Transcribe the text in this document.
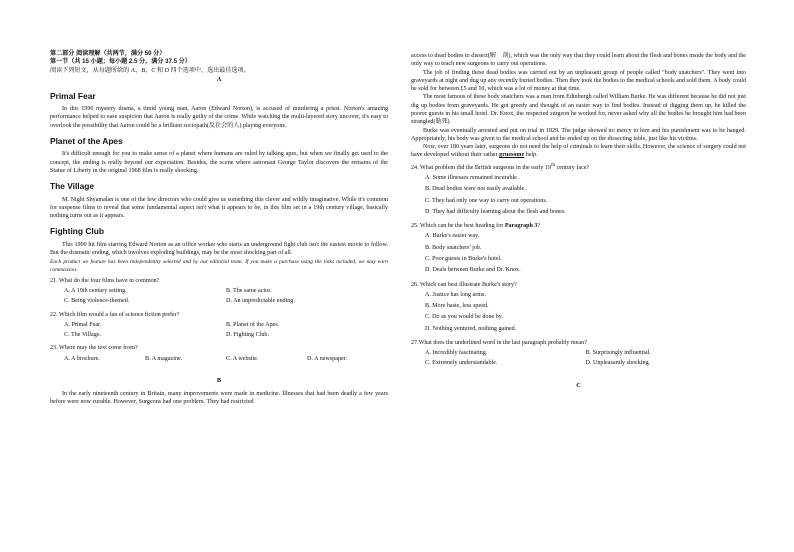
第二部分 阅读理解（共两节，满分 50 分）

第一节（共 15 小题；每小题 2.5 分，满分 37.5 分）

阅读下列短文，从每题所给的 A、B、C 和 D 四个选项中，选出最佳选项。

A

Primal Fear

In this 1996 mystery drama, a timid young man, Aaron (Edward Norton), is accused of murdering a priest. Norton's amazing performance helped to ease suspicion that Aaron is really guilty of the crime. While watching the multi-layered story uncover, it's easy to overlook the possibility that Aaron could be a brilliant sociopath(反社会的人) playing everyone.

Planet of the Apes

It's difficult enough for you to make sense of a planet where humans are ruled by talking apes, but when we finally get used to the concept, the ending is really beyond our expectation. Besides, the scene where astronaut George Taylor discovers the remains of the Statue of Liberty in the original 1968 film is really shocking.

The Village

M. Night Shyamalan is one of the few directors who could give us something this clever and wildly imaginative. While it's common for suspense films to reveal that some fundamental aspect isn't what it appears to be, in this film set in a 19th century village, basically nothing turns out as it appears.

Fighting Club

This 1999 hit film starring Edward Norton as an office worker who starts an underground fight club isn't the easiest movie to follow. But the dramatic ending, which involves exploding buildings, may be the most shocking part of all.

Each product we feature has been independently selected and by our editorial team. If you make a purchase using the links included, we may earn commission.

21. What do the four films have in common?

A. A 19th century setting.	B. The same actor.
C. Being violence-themed.	D. An unpredictable ending.

22. Which film would a fan of science fiction prefer?

A. Primal Fear.	B. Planet of the Apes.
C. The Village.	D. Fighting Club.

23. Where may the text come from?

A. A brochure.	B. A magazine.	C. A website.	D. A newspaper.

B

In the early nineteenth century in Britain, many improvements were made in medicine. Illnesses that had been deadly a few years before were now curable. However, Surgeons had one problem. They had restricted

access to dead bodies to dissect(解　剖), which was the only way that they could learn about the flesh and bones inside the body and the only way to teach new surgeons to carry out operations.

The job of finding these dead bodies was carried out by an unpleasant group of people called "body snatchers". They went into graveyards at night and dug up any recently buried bodies. Then they took the bodies to the medical schools and sold them. A body could be sold for between £5 and 10, which was a lot of money at that time.

The most famous of these body snatchers was a man from Edinburgh called William Burke. He was different because he did not just dig up bodies from graveyards. He got greedy and thought of an easier way to find bodies. Instead of digging them up, he killed the poorer guests in his small hotel. Dr. Knox, the respected surgeon he worked for, never asked why all the bodies he brought him had been strangled(勒死).

Burke was eventually arrested and put on trial in 1829. The judge showed no mercy to him and his punishment was to be hanged. Appropriately, his body was given to the medical school and he ended up on the dissecting table, just like his victims.

Now, over 180 years later, surgeons do not need the help of criminals to learn their skills. However, the science of surgery could not have developed without their rather gruesome help.

24. What problem did the British surgeons in the early 19th century face?

A. Some illnesses remained incurable .
B. Dead bodies were not easily available .
C. They had only one way to carry out operations.
D. They had difficulty learning about the flesh and bones.

25. Which can be the best heading for Paragraph 3?

A. Burke's easier way.
B. Body snatchers' job.
C. Poor guests in Burke's hotel.
D. Deals between Burke and Dr. Knox.

26. Which can best illustrate Burke's story?

A. Justice has long arms.
B. More haste, less speed.
C. Do as you would be done by.
D. Nothing ventured, nothing gained.

27.What does the underlined word in the last paragraph probably mean?

A. Incredibly fascinating.	B. Surprisingly influential.
C. Extremely understandable.	D. Unpleasantly shocking.

C
